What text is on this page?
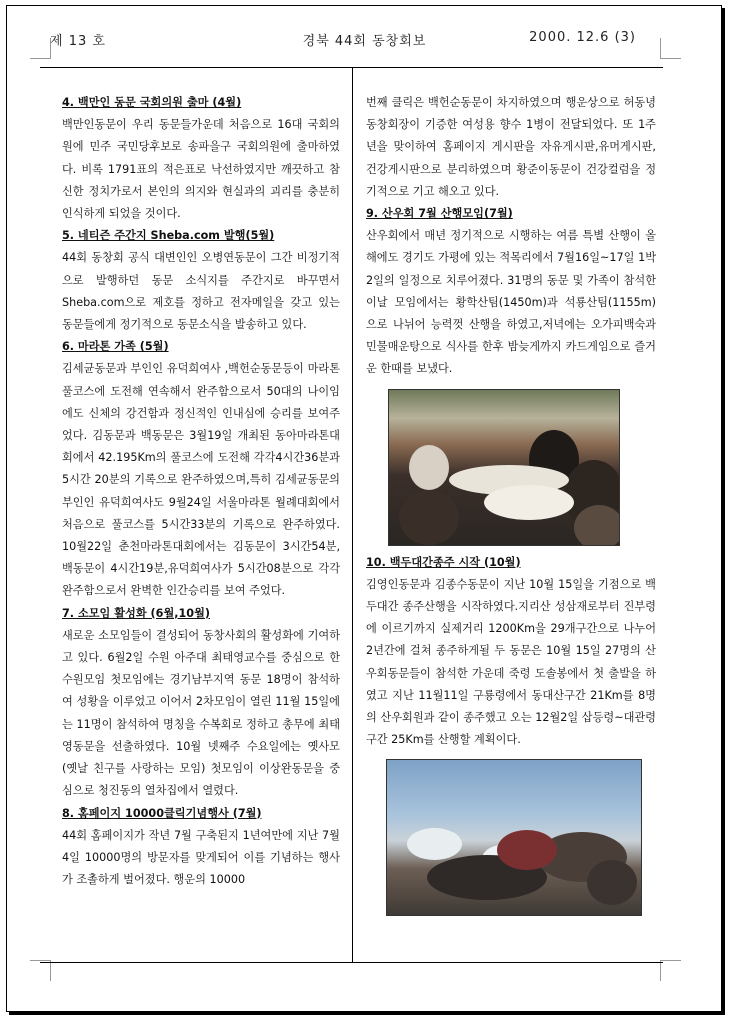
제 13 호	경북 44회 동창회보	2000. 12.6 (3)
4. 백만인 동문 국회의원 출마 (4월)

백만인동문이 우리 동문들가운데 처음으로 16대 국회의원에 민주 국민당후보로 송파을구 국회의원에 출마하였다. 비록 1791표의 적은표로 낙선하였지만 깨끗하고 참신한 정치가로서 본인의 의지와 현실과의 괴리를 충분히 인식하게 되었을 것이다.

5. 네티즌 주간지 Sheba.com 발행(5월)

44회 동창회 공식 대변인인 오병연동문이 그간 비정기적으로 발행하던 동문 소식지를 주간지로 바꾸면서 Sheba.com으로 제호를 정하고 전자메일을 갖고 있는 동문들에게 정기적으로 동문소식을 발송하고 있다.

6. 마라톤 가족 (5월)

김세균동문과 부인인 유덕희여사 ,백헌순동문등이 마라톤 풀코스에 도전해 연속해서 완주함으로서 50대의 나이임에도 신체의 강건함과 정신적인 인내심에 승리를 보여주었다. 김동문과 백동문은 3월19일 개최된 동아마라톤대회에서 42.195Km의 풀코스에 도전해 각각4시간36분과 5시간 20분의 기록으로 완주하였으며,특히 김세균동문의 부인인 유덕희여사도 9월24일 서울마라톤 월례대회에서 처음으로 풀코스를 5시간33분의 기록으로 완주하였다. 10월22일 춘천마라톤대회에서는 김동문이 3시간54분,백동문이 4시간19분,유덕희여사가 5시간08분으로 각각 완주함으로서 완벽한 인간승리를 보여 주었다.

7. 소모임 활성화 (6월,10월)

새로운 소모임들이 결성되어 동창사회의 활성화에 기여하고 있다. 6월2일 수원 아주대 최태영교수를 중심으로 한 수원모임 첫모임에는 경기남부지역 동문 18명이 참석하여 성황을 이루었고 이어서 2차모임이 열린 11월 15일에는 11명이 참석하여 명칭을 수복회로 정하고 총무에 최태영동문을 선출하였다. 10월 넷째주 수요일에는 옛사모 (옛날 친구를 사랑하는 모임) 첫모임이 이상완동문을 중심으로 청진동의 열차집에서 열렸다.

8. 홈페이지 10000클릭기념행사 (7월)

44회 홈페이지가 작년 7월 구축된지 1년여만에 지난 7월4일 10000명의 방문자를 맞게되어 이를 기념하는 행사가 조촐하게 벌어졌다. 행운의 10000

번째 클릭은 백헌순동문이 차지하였으며 행운상으로 허동녕동창회장이 기증한 여성용 향수 1병이 전달되었다. 또 1주년을 맞이하여 홈페이지 게시판을 자유게시판,유머게시판,건강게시판으로 분리하였으며 황준이동문이 건강컬럼을 정기적으로 기고 해오고 있다.

9. 산우회 7월 산행모임(7월)

산우회에서 매년 정기적으로 시행하는 여름 특별 산행이 올해에도 경기도 가평에 있는 적목리에서 7월16일~17일 1박2일의 일정으로 치루어졌다. 31명의 동문 및 가족이 참석한 이날 모임에서는 황학산팀(1450m)과 석룡산팀(1155m)으로 나뉘어 능력껏 산행을 하였고,저녁에는 오가피백숙과 민물매운탕으로 식사를 한후 밤늦게까지 카드게임으로 즐거운 한때를 보냈다.

10. 백두대간종주 시작 (10월)

김영인동문과 김종수동문이 지난 10월 15일을 기점으로 백두대간 종주산행을 시작하였다.지리산 성삼재로부터 진부령에 이르기까지 실제거리 1200Km을 29개구간으로 나누어 2년간에 걸쳐 종주하게될 두 동문은 10월 15일 27명의 산우회동문들이 참석한 가운데 죽령 도솔봉에서 첫 출발을 하였고 지난 11월11일 구룡령에서 동대산구간 21Km를 8명의 산우회원과 같이 종주했고 오는 12월2일 삽등령~대관령구간 25Km를 산행할 계획이다.
